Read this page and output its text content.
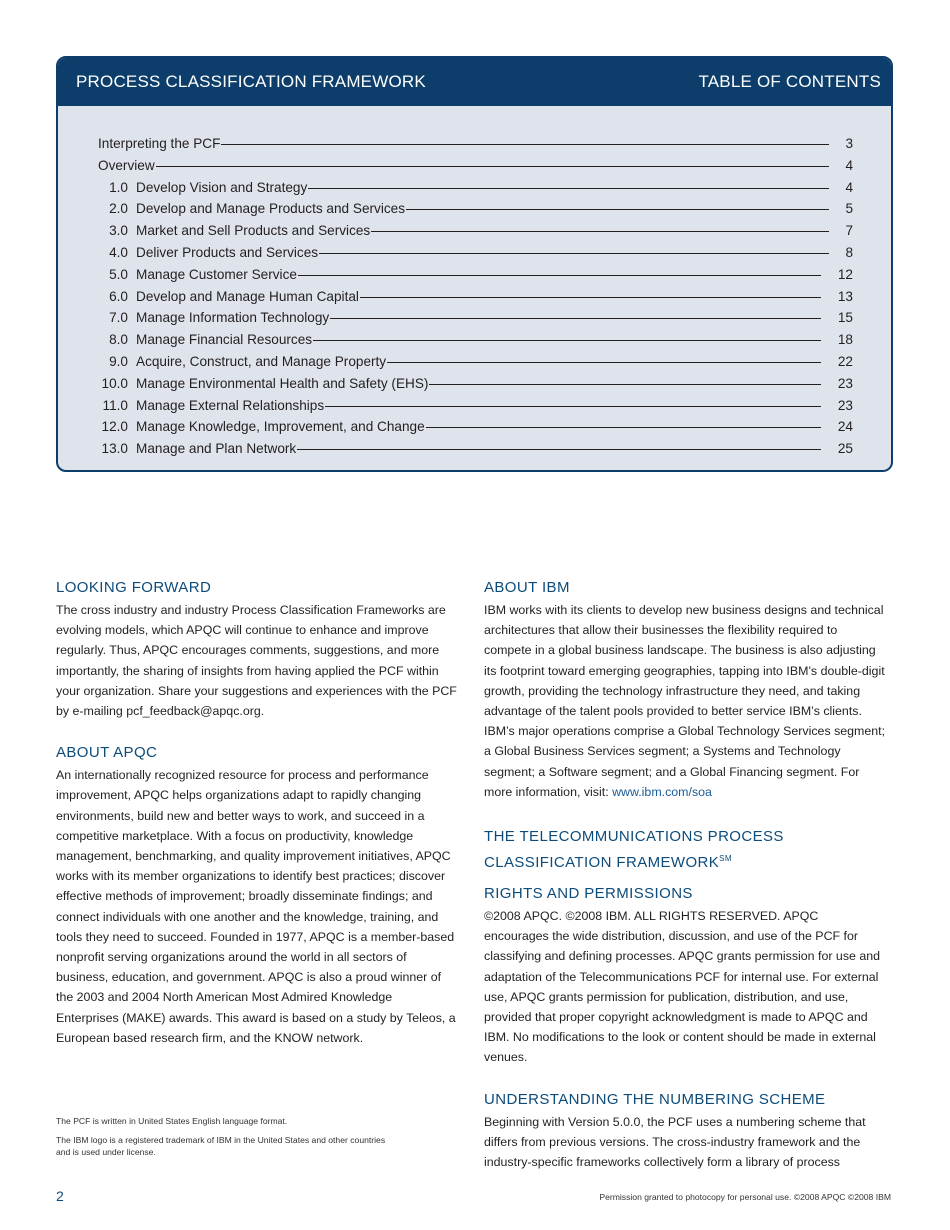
PROCESS CLASSIFICATION FRAMEWORK	TABLE OF CONTENTS
Interpreting the PCF	3
Overview	4
1.0 Develop Vision and Strategy	4
2.0 Develop and Manage Products and Services	5
3.0 Market and Sell Products and Services	7
4.0 Deliver Products and Services	8
5.0 Manage Customer Service	12
6.0 Develop and Manage Human Capital	13
7.0 Manage Information Technology	15
8.0 Manage Financial Resources	18
9.0 Acquire, Construct, and Manage Property	22
10.0 Manage Environmental Health and Safety (EHS)	23
11.0 Manage External Relationships	23
12.0 Manage Knowledge, Improvement, and Change	24
13.0 Manage and Plan Network	25
LOOKING FORWARD

The cross industry and industry Process Classification Frameworks are evolving models, which APQC will continue to enhance and improve regularly. Thus, APQC encourages comments, suggestions, and more importantly, the sharing of insights from having applied the PCF within your organization. Share your suggestions and experiences with the PCF by e-mailing pcf_feedback@apqc.org.

ABOUT APQC

An internationally recognized resource for process and performance improvement, APQC helps organizations adapt to rapidly changing environments, build new and better ways to work, and succeed in a competitive marketplace. With a focus on productivity, knowledge management, benchmarking, and quality improvement initiatives, APQC works with its member organizations to identify best practices; discover effective methods of improvement; broadly disseminate findings; and connect individuals with one another and the knowledge, training, and tools they need to succeed. Founded in 1977, APQC is a member-based nonprofit serving organizations around the world in all sectors of business, education, and government. APQC is also a proud winner of the 2003 and 2004 North American Most Admired Knowledge Enterprises (MAKE) awards. This award is based on a study by Teleos, a European based research firm, and the KNOW network.

The PCF is written in United States English language format.
The IBM logo is a registered trademark of IBM in the United States and other countries and is used under license.
ABOUT IBM

IBM works with its clients to develop new business designs and technical architectures that allow their businesses the flexibility required to compete in a global business landscape. The business is also adjusting its footprint toward emerging geographies, tapping into IBM’s double-digit growth, providing the technology infrastructure they need, and taking advantage of the talent pools provided to better service IBM’s clients. IBM’s major operations comprise a Global Technology Services segment; a Global Business Services segment; a Systems and Technology segment; a Software segment; and a Global Financing segment. For more information, visit: www.ibm.com/soa

THE TELECOMMUNICATIONS PROCESS
CLASSIFICATION FRAMEWORK℠
RIGHTS AND PERMISSIONS

©2008 APQC. ©2008 IBM. ALL RIGHTS RESERVED. APQC encourages the wide distribution, discussion, and use of the PCF for classifying and defining processes. APQC grants permission for use and adaptation of the Telecommunications PCF for internal use. For external use, APQC grants permission for publication, distribution, and use, provided that proper copyright acknowledgment is made to APQC and IBM. No modifications to the look or content should be made in external venues.

UNDERSTANDING THE NUMBERING SCHEME

Beginning with Version 5.0.0, the PCF uses a numbering scheme that differs from previous versions. The cross-industry framework and the industry-specific frameworks collectively form a library of process

2	Permission granted to photocopy for personal use. ©2008 APQC ©2008 IBM
